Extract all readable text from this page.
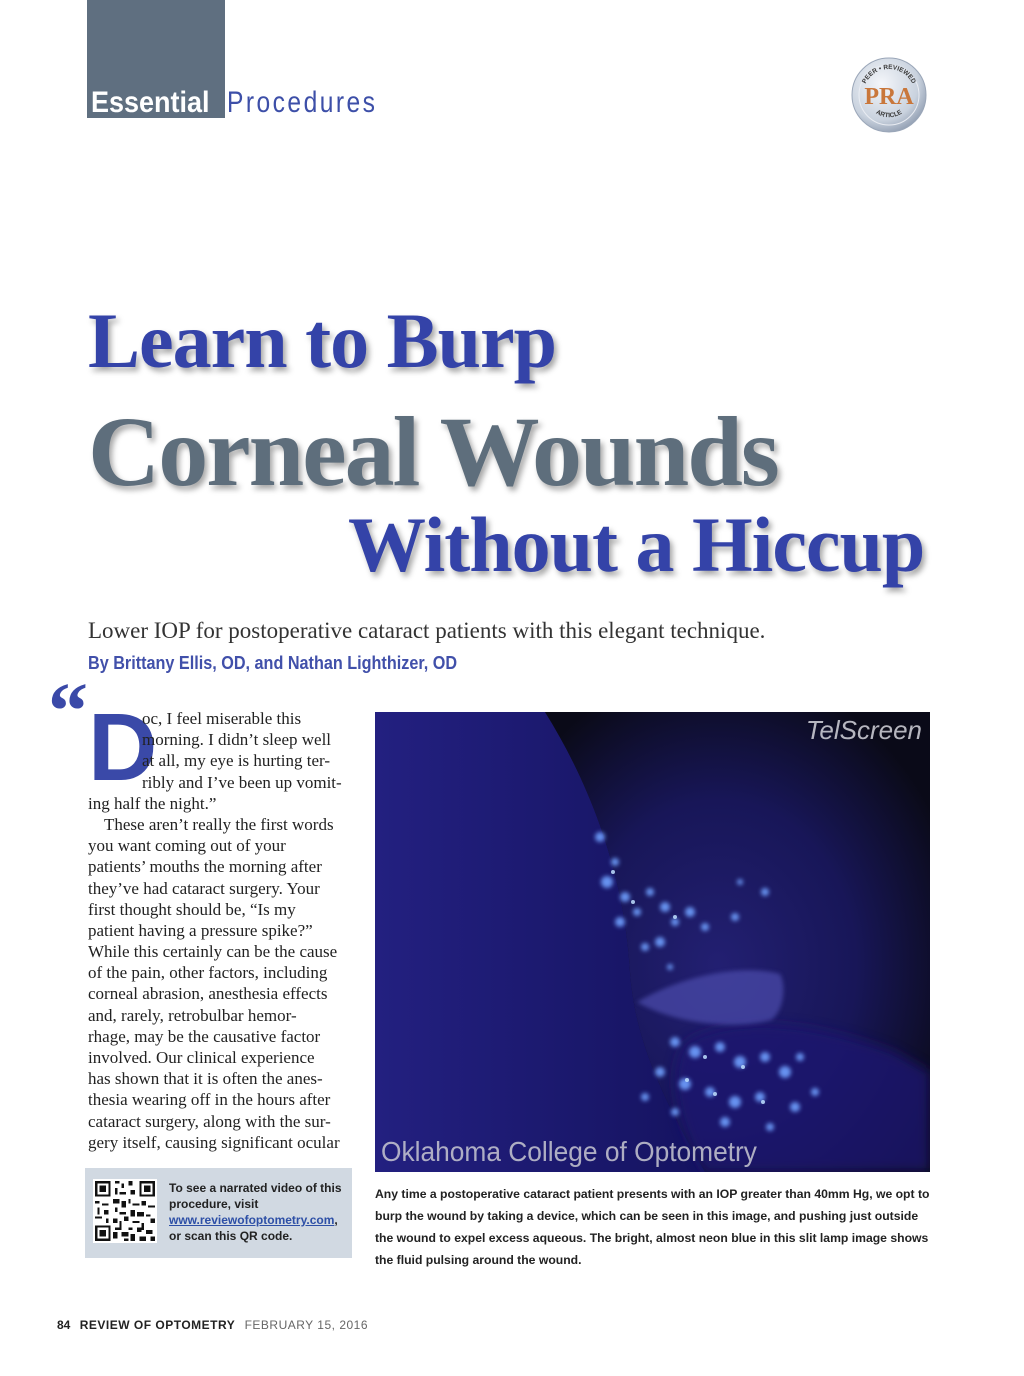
Essential Procedures
PEER • REVIEWED
ARTICLE
PRA
Learn to Burp
Corneal Wounds
Without a Hiccup
Lower IOP for postoperative cataract patients with this elegant technique.
By Brittany Ellis, OD, and Nathan Lighthizer, OD
“ D
oc, I feel miserable this
morning. I didn’t sleep well
at all, my eye is hurting ter-
ribly and I’ve been up vomit-
ing half the night.”
These aren’t really the first words
you want coming out of your
patients’ mouths the morning after
they’ve had cataract surgery. Your
first thought should be, “Is my
patient having a pressure spike?”
While this certainly can be the cause
of the pain, other factors, including
corneal abrasion, anesthesia effects
and, rarely, retrobulbar hemor-
rhage, may be the causative factor
involved. Our clinical experience
has shown that it is often the anes-
thesia wearing off in the hours after
cataract surgery, along with the sur-
gery itself, causing significant ocular
To see a narrated video of this procedure, visit www.reviewofoptometry.com, or scan this QR code.
TelScreen
Oklahoma College of Optometry
Any time a postoperative cataract patient presents with an IOP greater than 40mm Hg, we opt to burp the wound by taking a device, which can be seen in this image, and pushing just outside the wound to expel excess aqueous. The bright, almost neon blue in this slit lamp image shows the fluid pulsing around the wound.
84 REVIEW OF OPTOMETRY FEBRUARY 15, 2016
